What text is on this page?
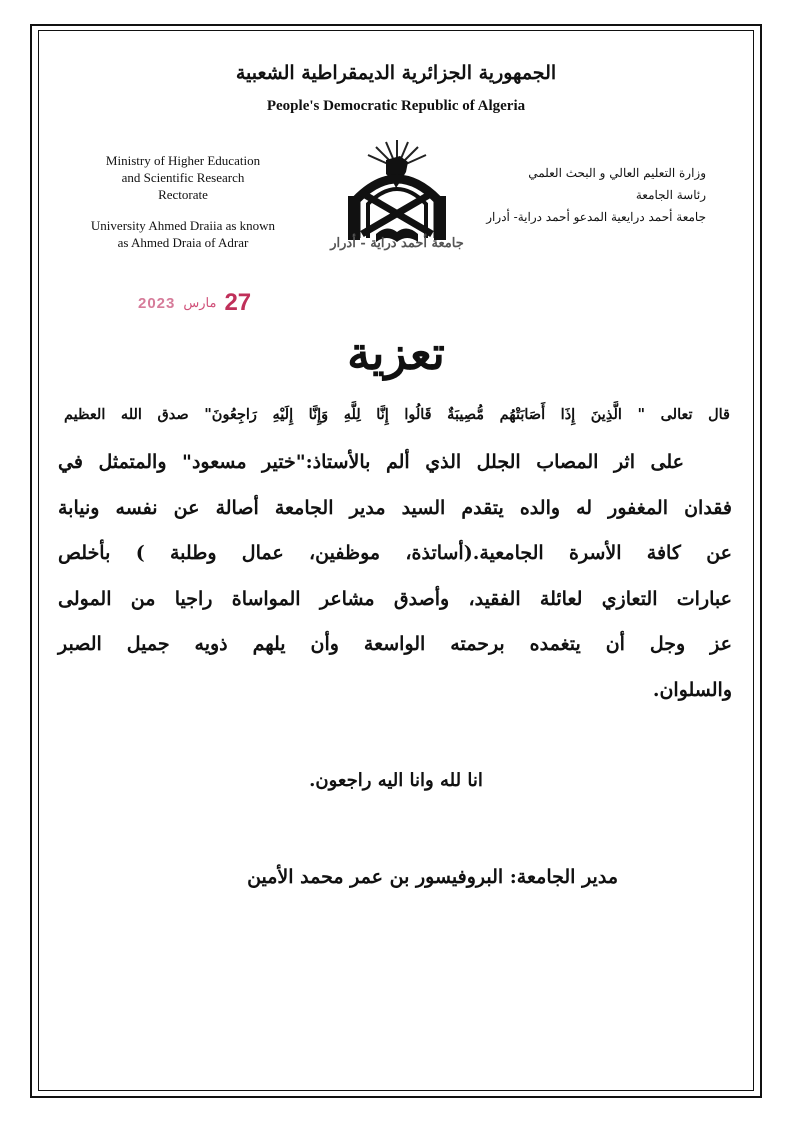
الجمهورية الجزائرية الديمقراطية الشعبية
People's Democratic Republic of Algeria
Ministry of Higher Education
and Scientific Research
Rectorate
University Ahmed Draiia as known
as Ahmed Draia of Adrar
وزارة التعليم العالي و البحث العلمي
رئاسة الجامعة
جامعة أحمد درايعية المدعو أحمد دراية- أدرار
جامعة أحمد دراية - أدرار
2023 مارس 27
تعزية
قال تعالى " الَّذِينَ إِذَا أَصَابَتْهُم مُّصِيبَةٌ قَالُوا إِنَّا لِلَّهِ وَإِنَّا إِلَيْهِ رَاجِعُونَ" صدق الله العظيم
على اثر المصاب الجلل الذي ألم بالأستاذ:"ختير مسعود" والمتمثل في
فقدان المغفور له والده يتقدم السيد مدير الجامعة أصالة عن نفسه ونيابة
عن كافة الأسرة الجامعية.(أساتذة، موظفين، عمال وطلبة ) بأخلص
عبارات التعازي لعائلة الفقيد، وأصدق مشاعر المواساة راجيا من المولى
عز وجل أن يتغمده برحمته الواسعة وأن يلهم ذويه جميل الصبر
والسلوان.
انا لله وانا اليه راجعون.
مدير الجامعة: البروفيسور بن عمر محمد الأمين
